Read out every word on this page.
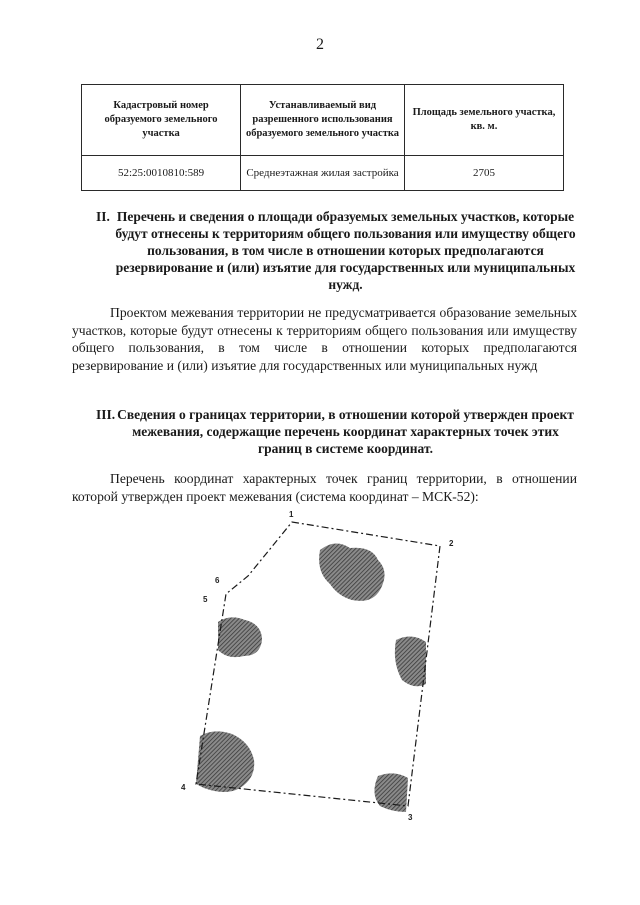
2
Кадастровый номер образуемого земельного участка	Устанавливаемый вид разрешенного использования образуемого земельного участка	Площадь земельного участка, кв. м.
52:25:0010810:589	Среднеэтажная жилая застройка	2705
II. Перечень и сведения о площади образуемых земельных участков, которые будут отнесены к территориям общего пользования или имуществу общего пользования, в том числе в отношении которых предполагаются резервирование и (или) изъятие для государственных или муниципальных нужд.
Проектом межевания территории не предусматривается образование земельных участков, которые будут отнесены к территориям общего пользования или имуществу общего пользования, в том числе в отношении которых предполагаются резервирование и (или) изъятие для государственных или муниципальных нужд
III. Сведения о границах территории, в отношении которой утвержден проект межевания, содержащие перечень координат характерных точек этих границ в системе координат.
Перечень координат характерных точек границ территории, в отношении которой утвержден проект межевания (система координат – МСК-52):
1
2
3
4
5
6
